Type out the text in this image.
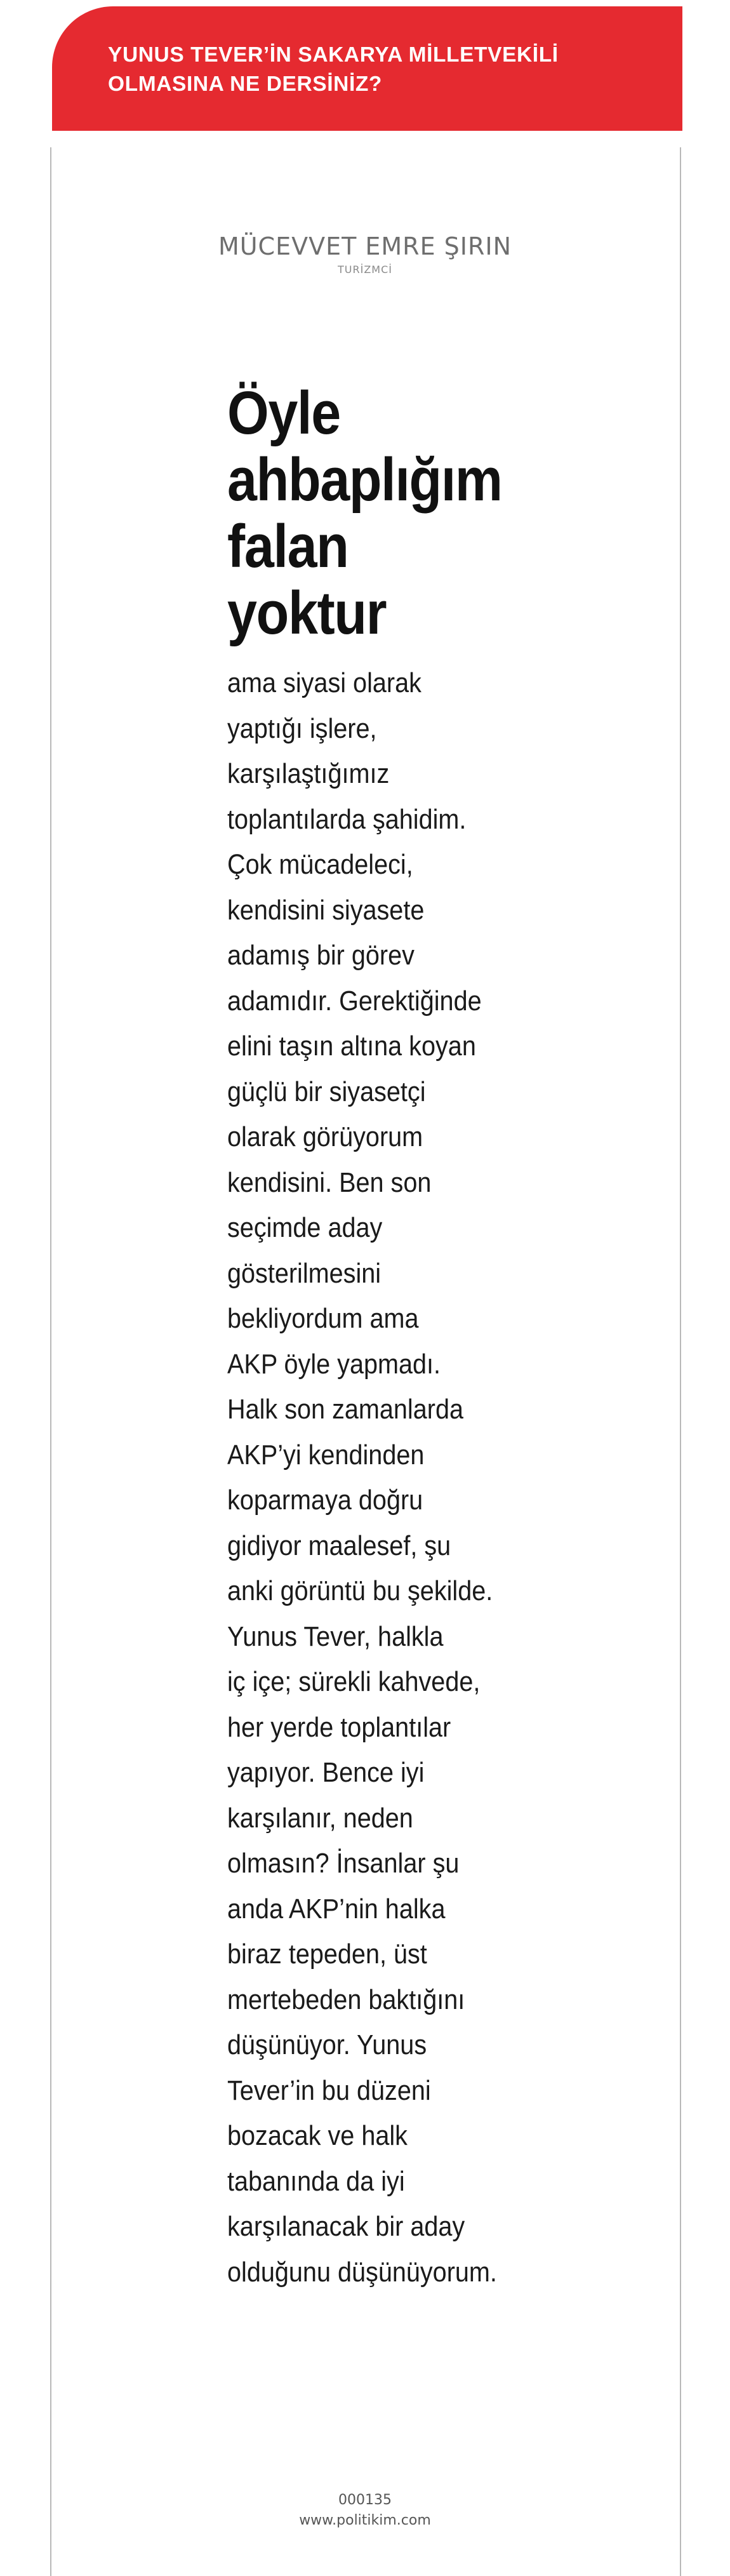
YUNUS TEVER’İN SAKARYA MİLLETVEKİLİ OLMASINA NE DERSİNİZ?
MÜCEVVET EMRE ŞIRIN
TURİZMCİ
Öyle
ahbaplığım
falan
yoktur
ama siyasi olarak
yaptığı işlere,
karşılaştığımız
toplantılarda şahidim.
Çok mücadeleci,
kendisini siyasete
adamış bir görev
adamıdır. Gerektiğinde
elini taşın altına koyan
güçlü bir siyasetçi
olarak görüyorum
kendisini. Ben son
seçimde aday
gösterilmesini
bekliyordum ama
AKP öyle yapmadı.
Halk son zamanlarda
AKP’yi kendinden
koparmaya doğru
gidiyor maalesef, şu
anki görüntü bu şekilde.
Yunus Tever, halkla
iç içe; sürekli kahvede,
her yerde toplantılar
yapıyor. Bence iyi
karşılanır, neden
olmasın? İnsanlar şu
anda AKP’nin halka
biraz tepeden, üst
mertebeden baktığını
düşünüyor. Yunus
Tever’in bu düzeni
bozacak ve halk
tabanında da iyi
karşılanacak bir aday
olduğunu düşünüyorum.
000135
www.politikim.com
